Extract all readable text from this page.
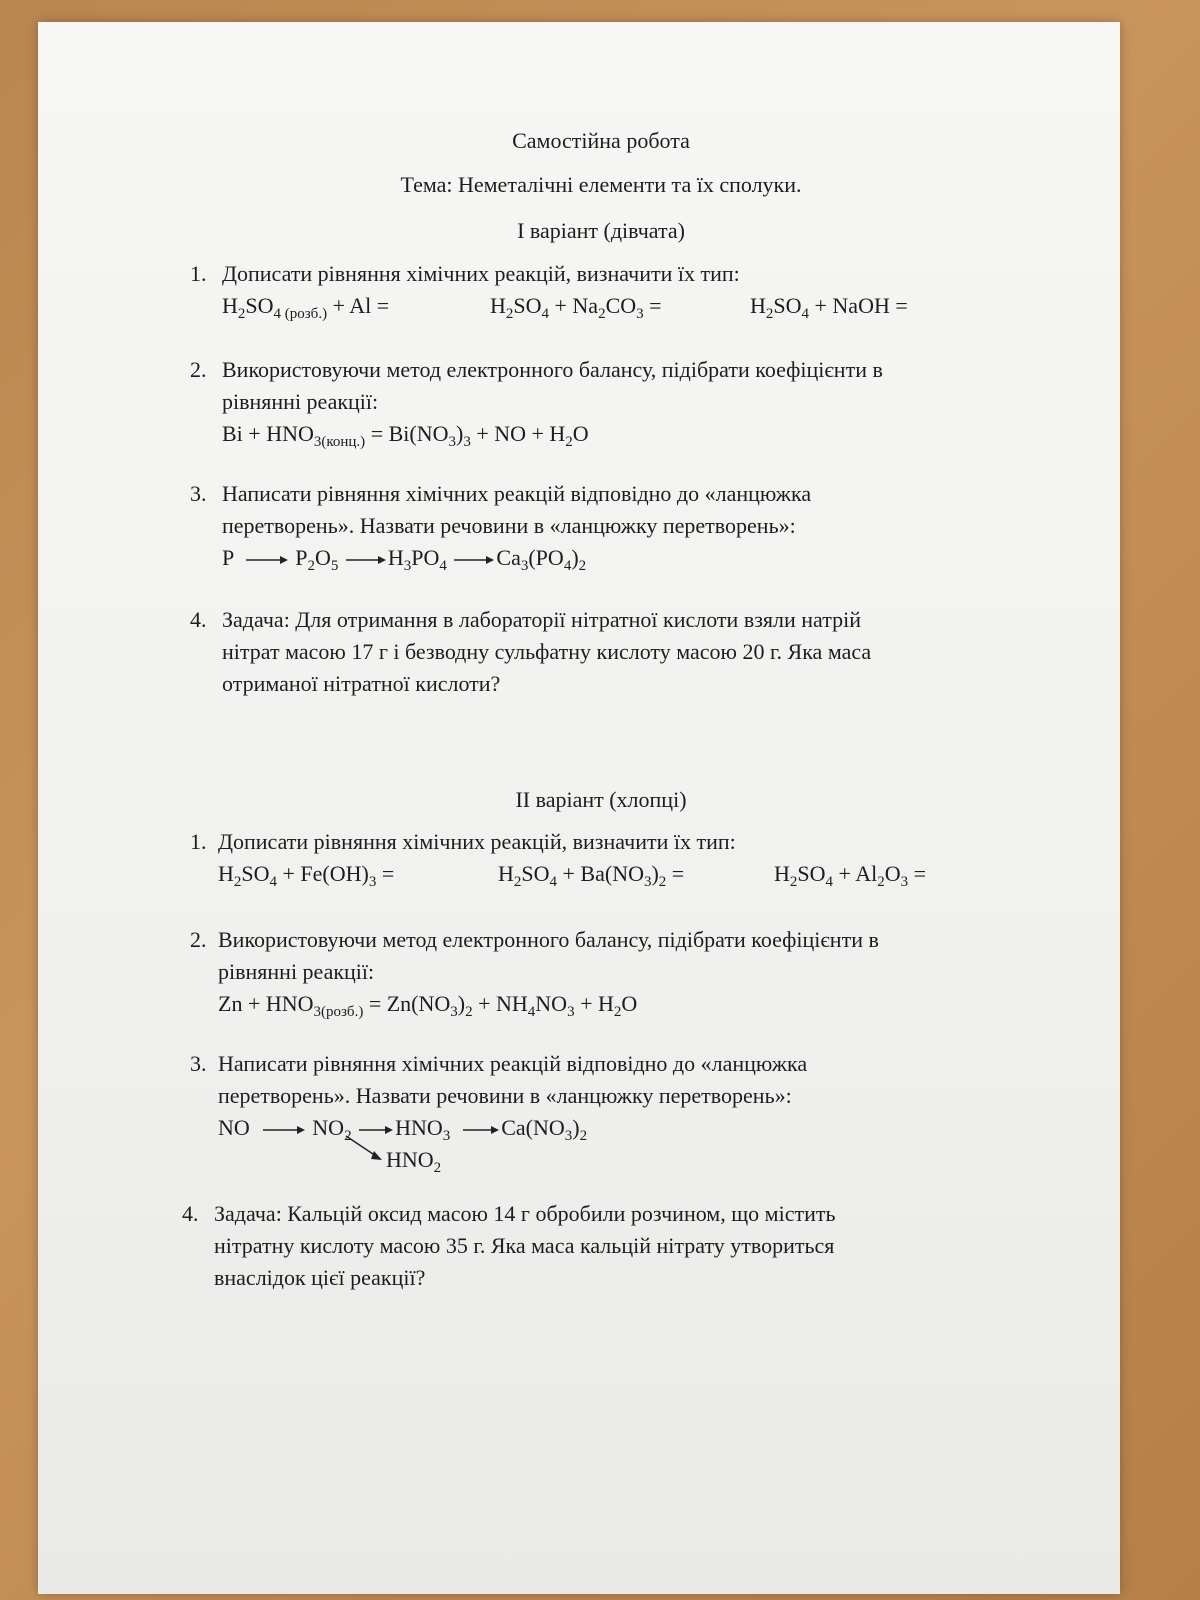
Самостійна робота
Тема: Неметалічні елементи та їх сполуки.
І варіант (дівчата)
1. Дописати рівняння хімічних реакцій, визначити їх тип:
$H_2SO_{4 (розб.)} + Al$ =	$H_2SO_4 + Na_2CO_3$ =	$H_2SO_4$ + NaOH =
2. Використовуючи метод електронного балансу, підібрати коефіцієнти в
рівнянні реакції:
$Bi + HNO_{3(конц.)} = Bi(NO_3)_3$ + NO + $H_2O$
3. Написати рівняння хімічних реакцій відповідно до «ланцюжка
перетворень». Назвати речовини в «ланцюжку перетворень»:
P  $P_2O_5$ $H_3PO_4$ $Ca_3(PO_4)_2$
4. Задача: Для отримання в лабораторії нітратної кислоти взяли натрій
нітрат масою 17 г і безводну сульфатну кислоту масою 20 г. Яка маса
отриманої нітратної кислоти?
ІІ варіант (хлопці)
1. Дописати рівняння хімічних реакцій, визначити їх тип:
$H_2SO_4 + Fe(OH)_3$ =	$H_2SO_4 + Ba(NO_3)_2$ =	$H_2SO_4 + Al_2O_3$ =
2. Використовуючи метод електронного балансу, підібрати коефіцієнти в
рівнянні реакції:
$Zn + HNO_{3(розб.)} = Zn(NO_3)_2 + NH_4NO_3 + H_2O$
3. Написати рівняння хімічних реакцій відповідно до «ланцюжка
перетворень». Назвати речовини в «ланцюжку перетворень»:
NO   $NO_2$ $HNO_3$ $Ca(NO_3)_2$
$HNO_2$
4. Задача: Кальцій оксид масою 14 г обробили розчином, що містить
нітратну кислоту масою 35 г. Яка маса кальцій нітрату утвориться
внаслідок цієї реакції?
